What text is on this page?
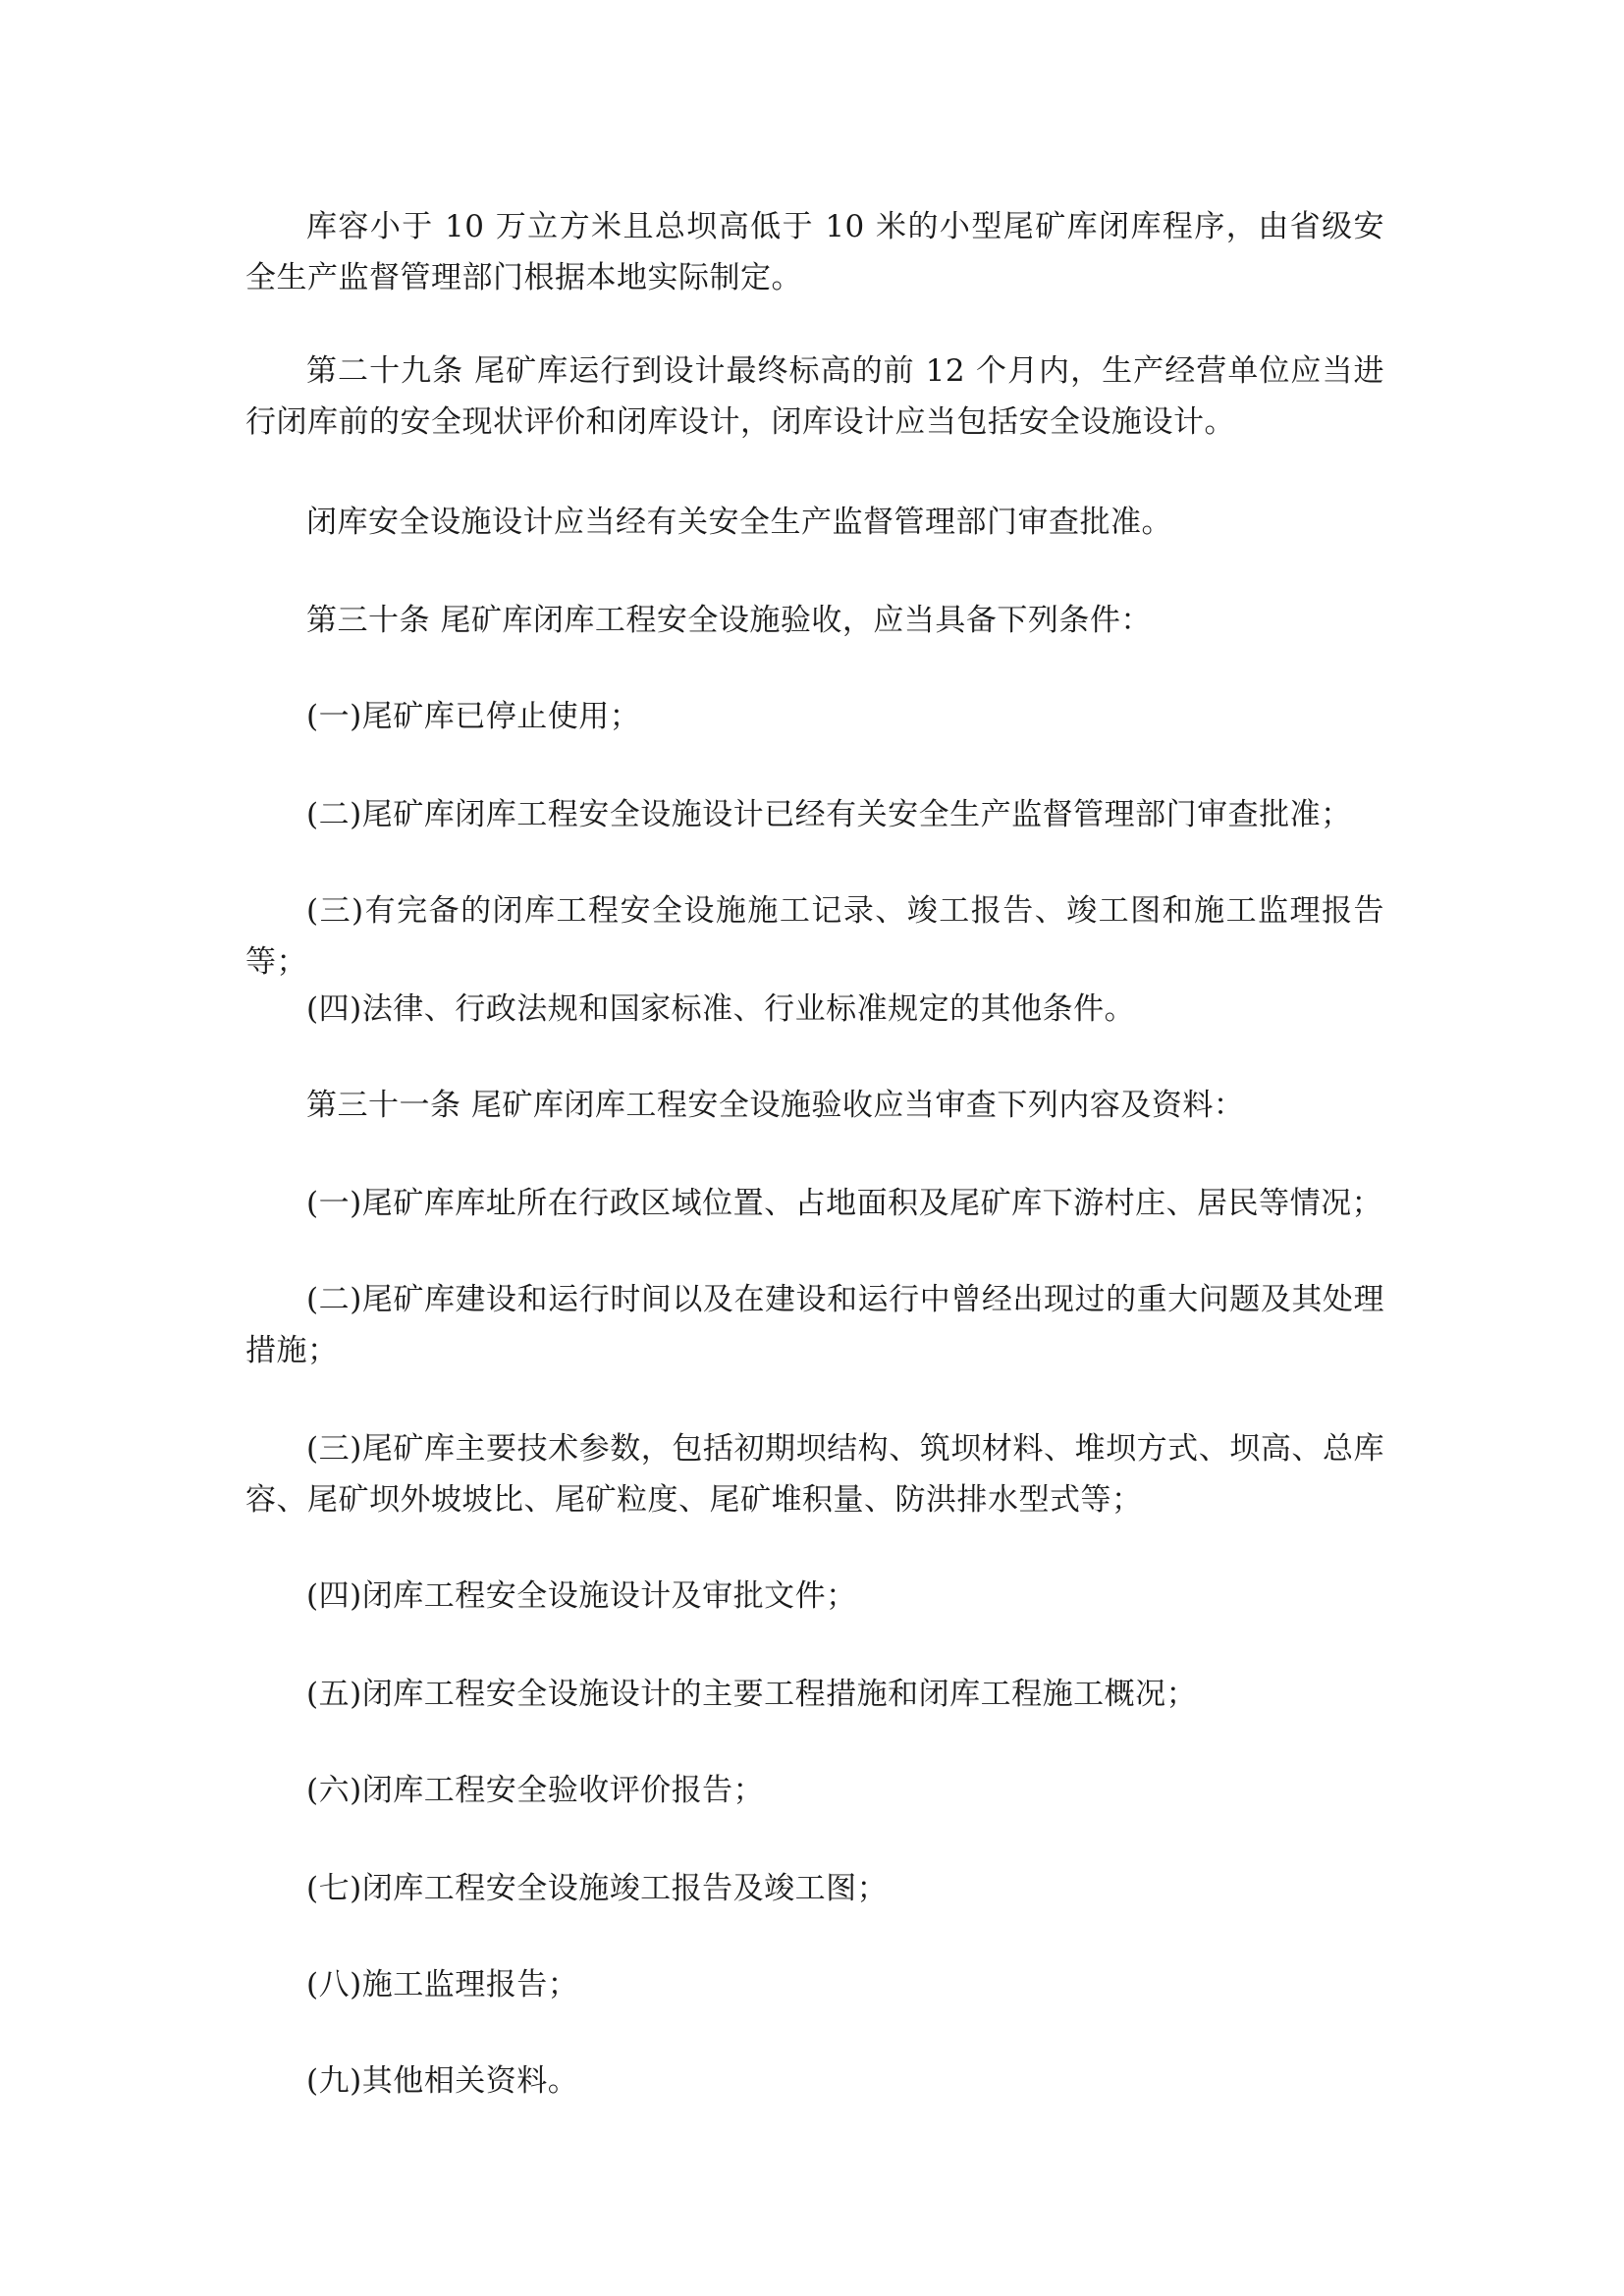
库容小于 10 万立方米且总坝高低于 10 米的小型尾矿库闭库程序，由省级安全生产监督管理部门根据本地实际制定。

第二十九条 尾矿库运行到设计最终标高的前 12 个月内，生产经营单位应当进行闭库前的安全现状评价和闭库设计，闭库设计应当包括安全设施设计。

闭库安全设施设计应当经有关安全生产监督管理部门审查批准。

第三十条 尾矿库闭库工程安全设施验收，应当具备下列条件：

(一)尾矿库已停止使用；

(二)尾矿库闭库工程安全设施设计已经有关安全生产监督管理部门审查批准；

(三)有完备的闭库工程安全设施施工记录、竣工报告、竣工图和施工监理报告等；

(四)法律、行政法规和国家标准、行业标准规定的其他条件。

第三十一条 尾矿库闭库工程安全设施验收应当审查下列内容及资料：

(一)尾矿库库址所在行政区域位置、占地面积及尾矿库下游村庄、居民等情况；

(二)尾矿库建设和运行时间以及在建设和运行中曾经出现过的重大问题及其处理措施；

(三)尾矿库主要技术参数，包括初期坝结构、筑坝材料、堆坝方式、坝高、总库容、尾矿坝外坡坡比、尾矿粒度、尾矿堆积量、防洪排水型式等；

(四)闭库工程安全设施设计及审批文件；

(五)闭库工程安全设施设计的主要工程措施和闭库工程施工概况；

(六)闭库工程安全验收评价报告；

(七)闭库工程安全设施竣工报告及竣工图；

(八)施工监理报告；

(九)其他相关资料。
